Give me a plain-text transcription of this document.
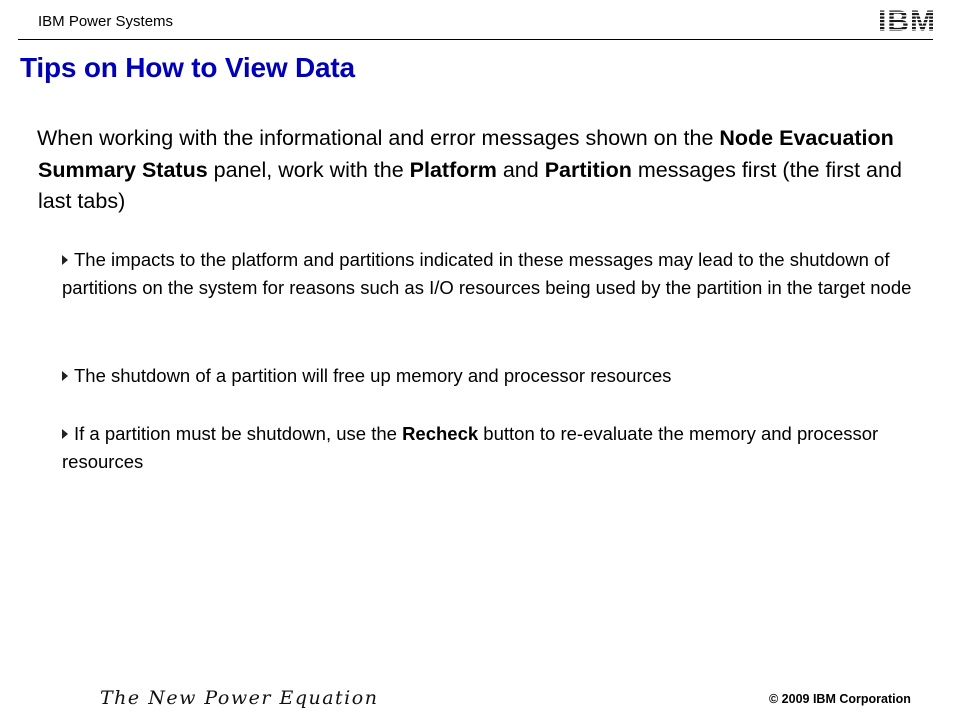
IBM Power Systems	IBM
Tips on How to View Data
When working with the informational and error messages shown on the Node Evacuation Summary Status panel, work with the Platform and Partition messages first (the first and last tabs)
The impacts to the platform and partitions indicated in these messages may lead to the shutdown of partitions on the system for reasons such as I/O resources being used by the partition in the target node
The shutdown of a partition will free up memory and processor resources
If a partition must be shutdown, use the Recheck button to re-evaluate the memory and processor resources
The New Power Equation	© 2009 IBM Corporation
